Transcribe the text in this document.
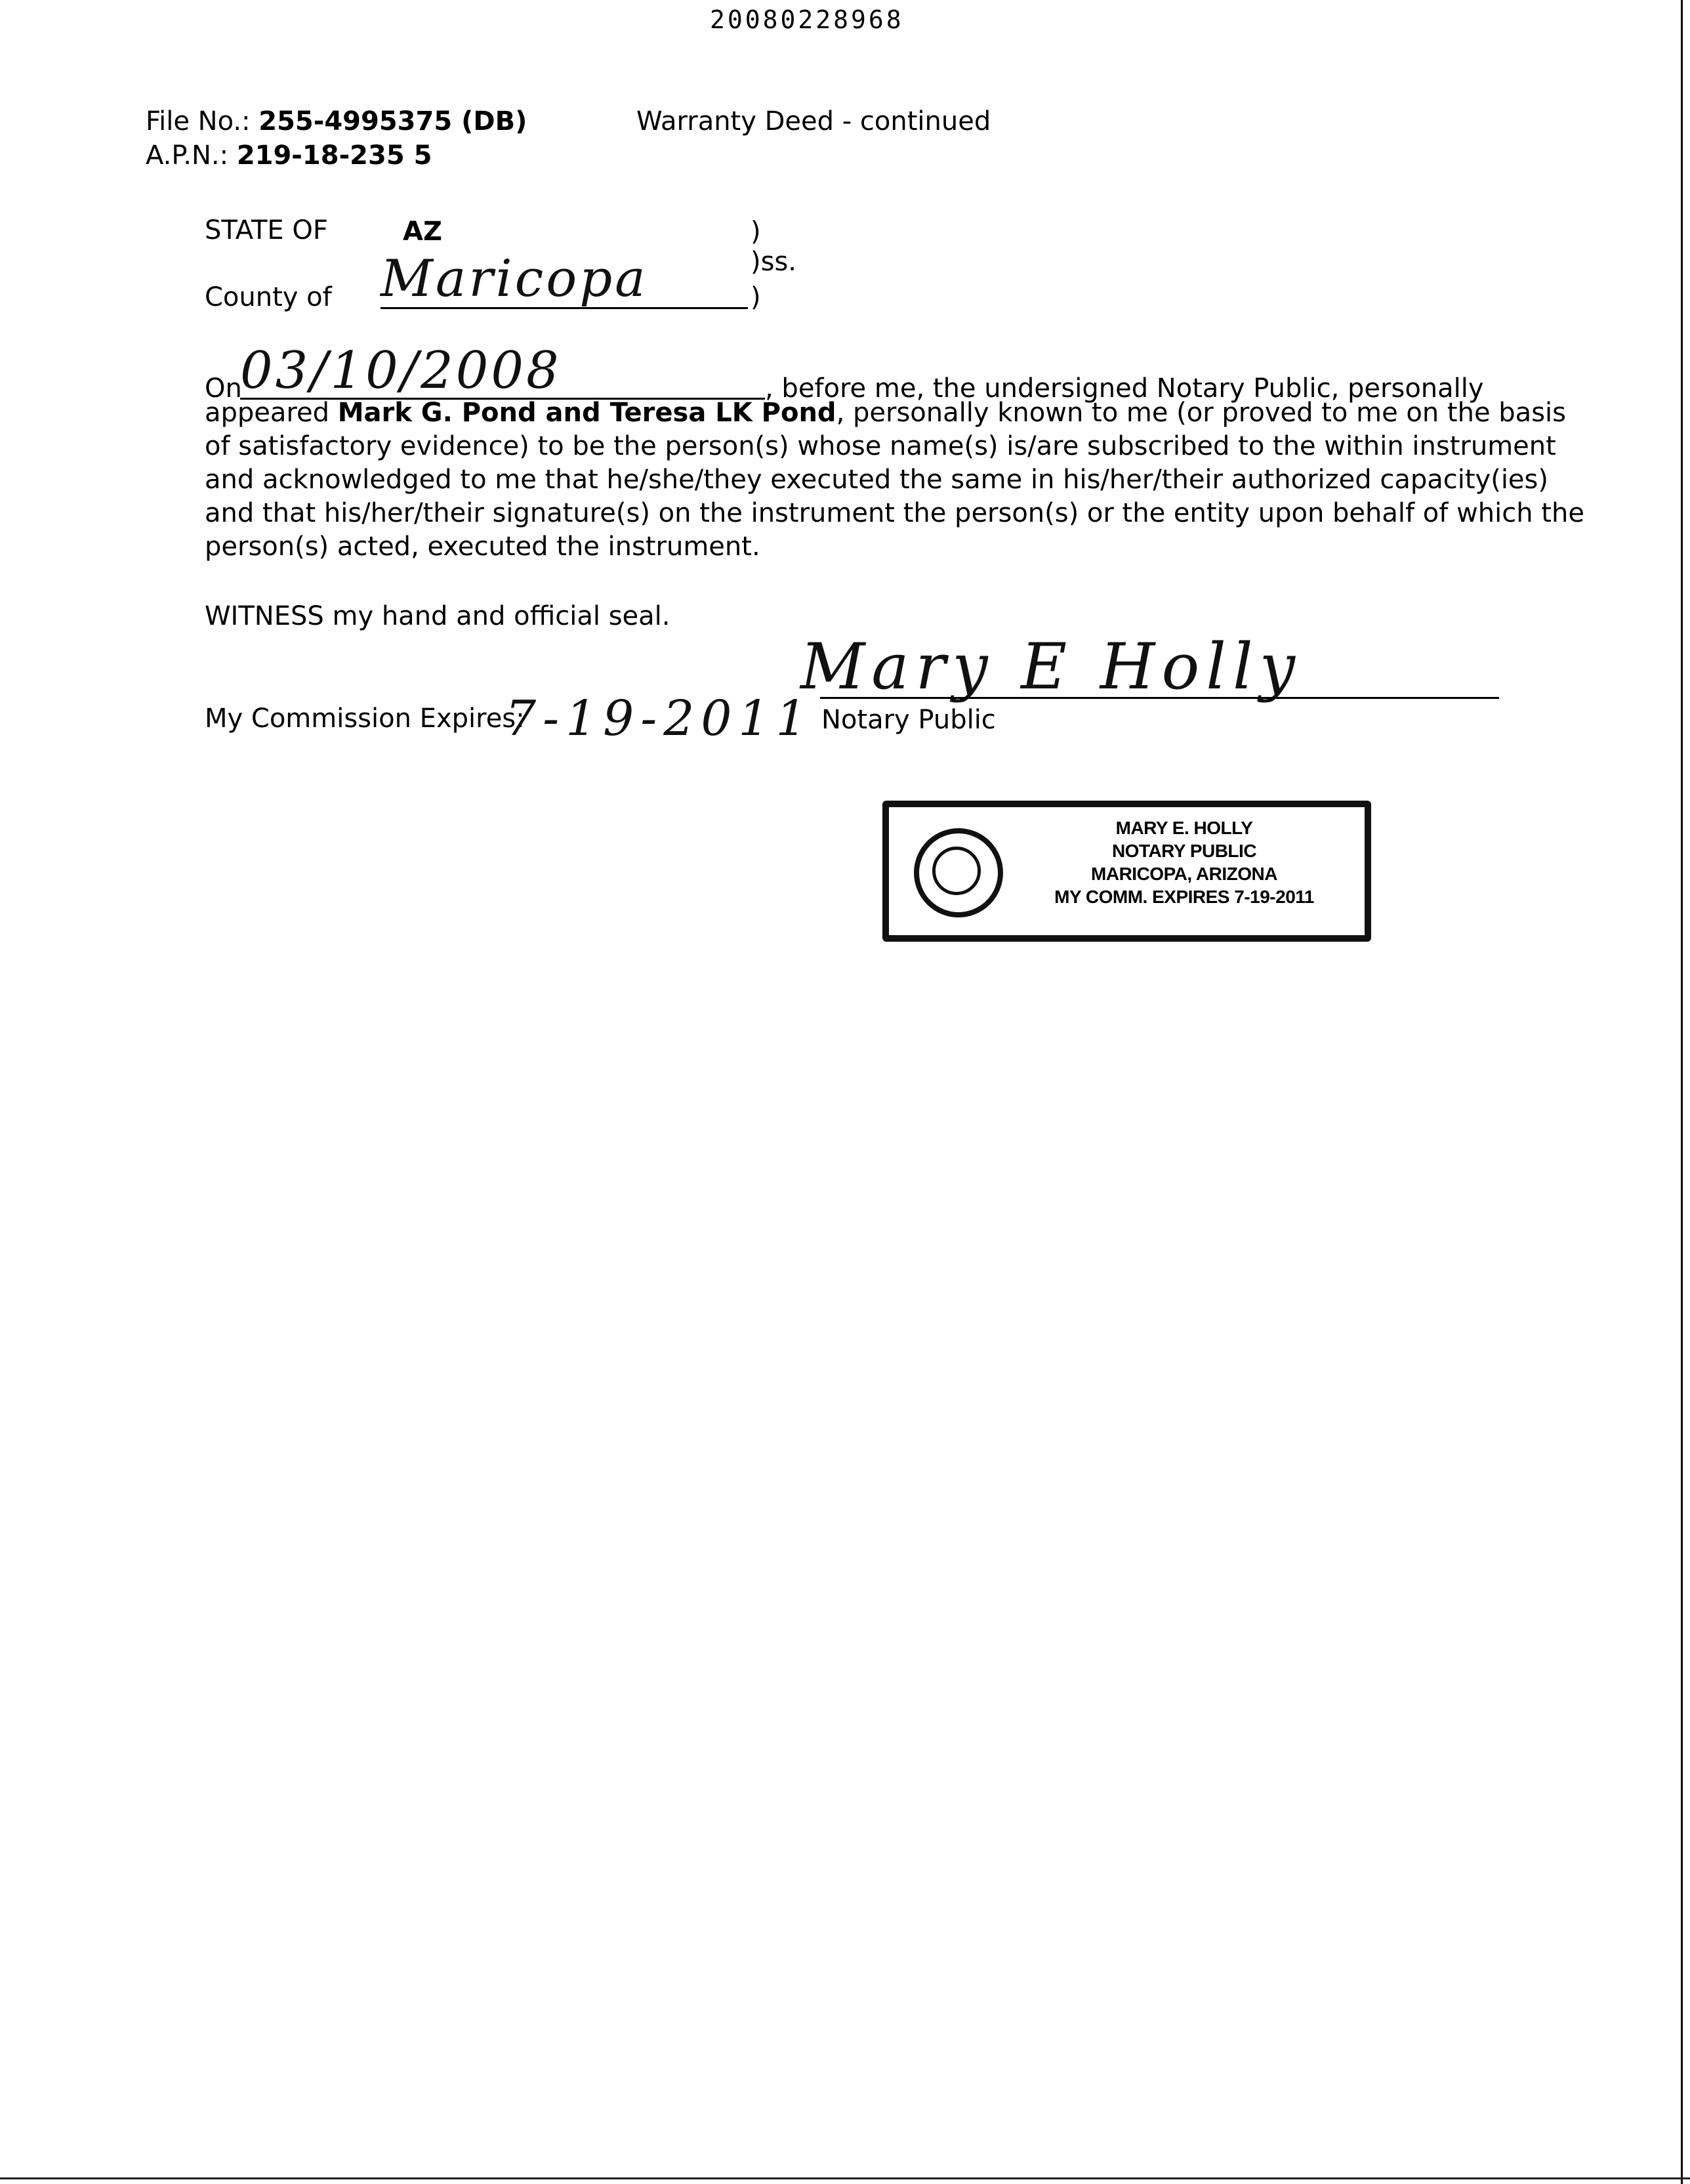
20080228968
File No.: 255-4995375 (DB)
A.P.N.: 219-18-235 5
Warranty Deed - continued
STATE OF	AZ	)
)ss.
County of Maricopa	)
On
03/10/2008	, before me, the undersigned Notary Public, personally
appeared Mark G. Pond and Teresa LK Pond, personally known to me (or proved to me on the basis
of satisfactory evidence) to be the person(s) whose name(s) is/are subscribed to the within instrument
and acknowledged to me that he/she/they executed the same in his/her/their authorized capacity(ies)
and that his/her/their signature(s) on the instrument the person(s) or the entity upon behalf of which the
person(s) acted, executed the instrument.
WITNESS my hand and official seal.
My Commission Expires:
7-19-2011
Mary E Holly
Notary Public
MARY E. HOLLY
NOTARY PUBLIC
MARICOPA, ARIZONA
MY COMM. EXPIRES 7-19-2011
